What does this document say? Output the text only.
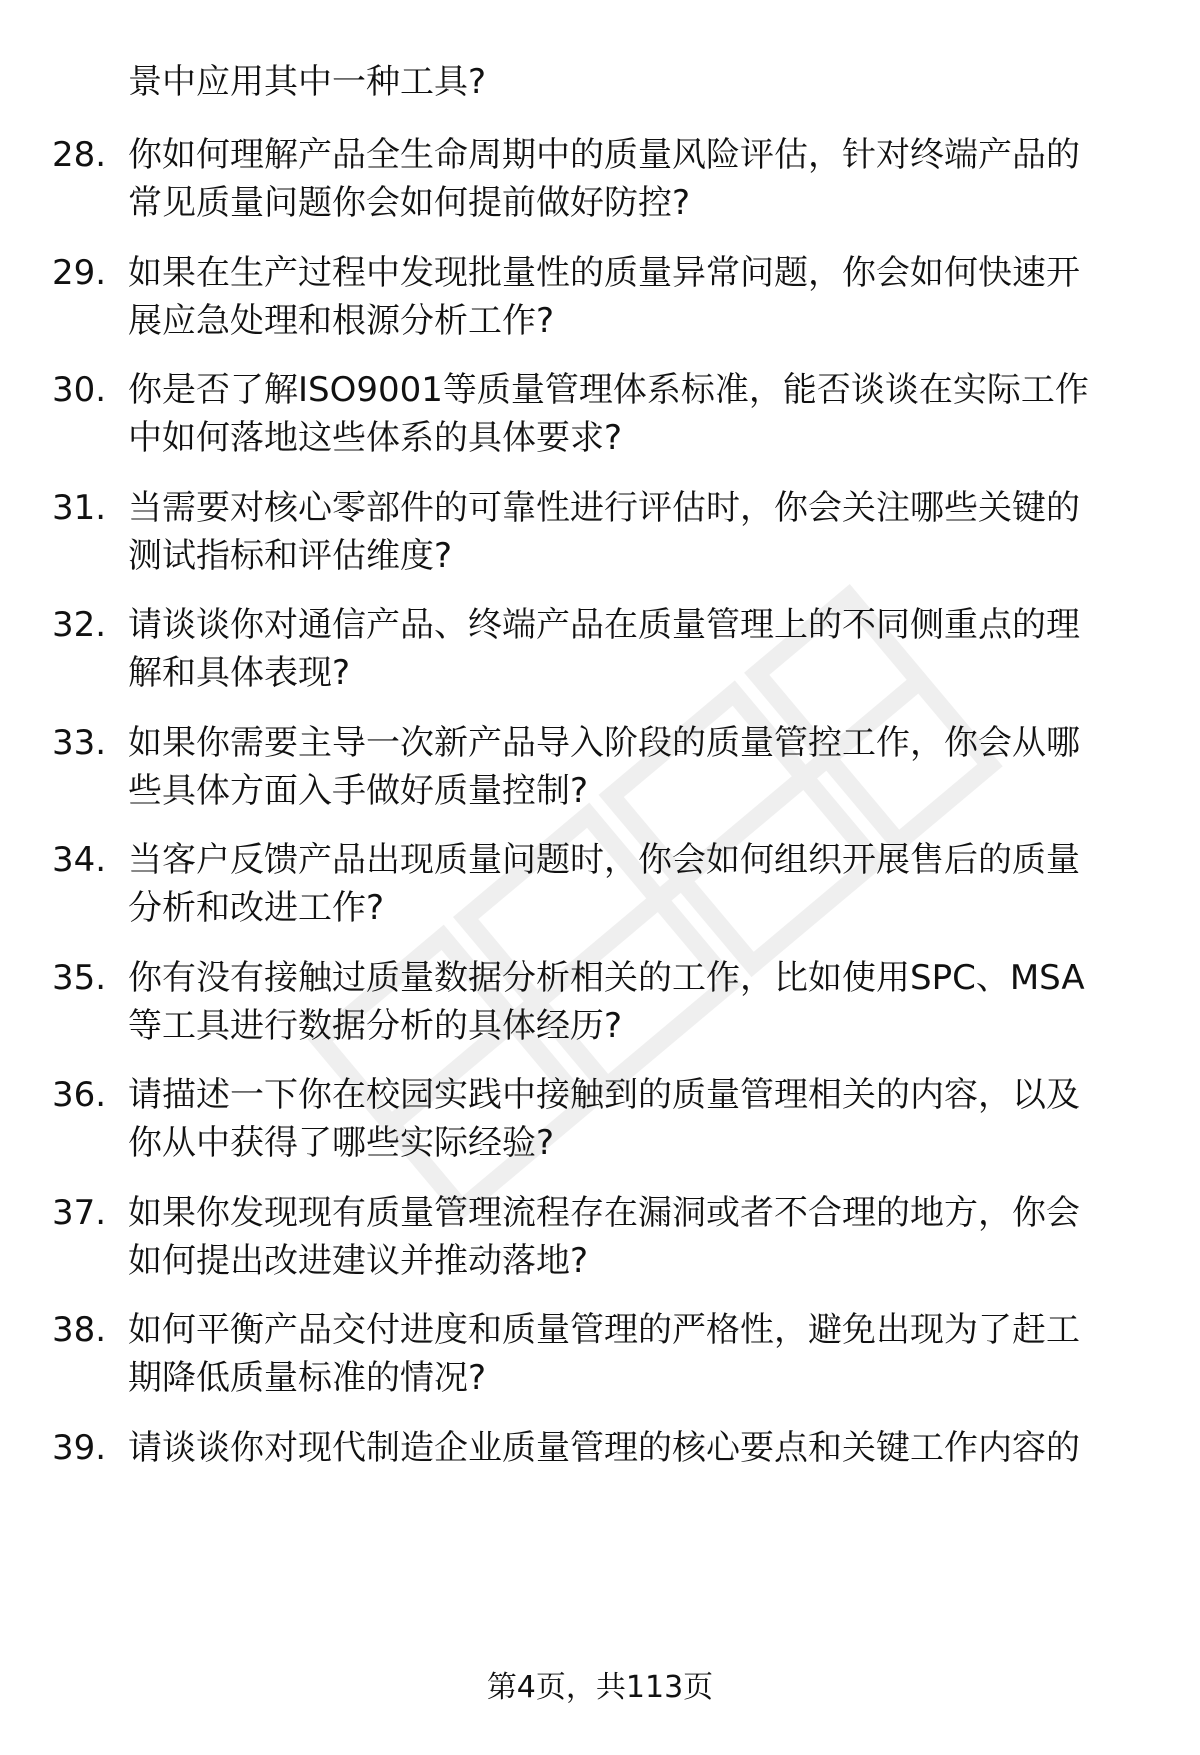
景中应用其中一种工具?
28. 你如何理解产品全生命周期中的质量风险评估，针对终端产品的
常见质量问题你会如何提前做好防控?
29. 如果在生产过程中发现批量性的质量异常问题，你会如何快速开
展应急处理和根源分析工作?
30. 你是否了解ISO9001等质量管理体系标准，能否谈谈在实际工作
中如何落地这些体系的具体要求?
31. 当需要对核心零部件的可靠性进行评估时，你会关注哪些关键的
测试指标和评估维度?
32. 请谈谈你对通信产品、终端产品在质量管理上的不同侧重点的理
解和具体表现?
33. 如果你需要主导一次新产品导入阶段的质量管控工作，你会从哪
些具体方面入手做好质量控制?
34. 当客户反馈产品出现质量问题时，你会如何组织开展售后的质量
分析和改进工作?
35. 你有没有接触过质量数据分析相关的工作，比如使用SPC、MSA
等工具进行数据分析的具体经历?
36. 请描述一下你在校园实践中接触到的质量管理相关的内容，以及
你从中获得了哪些实际经验?
37. 如果你发现现有质量管理流程存在漏洞或者不合理的地方，你会
如何提出改进建议并推动落地?
38. 如何平衡产品交付进度和质量管理的严格性，避免出现为了赶工
期降低质量标准的情况?
39. 请谈谈你对现代制造企业质量管理的核心要点和关键工作内容的
第4页，共113页
